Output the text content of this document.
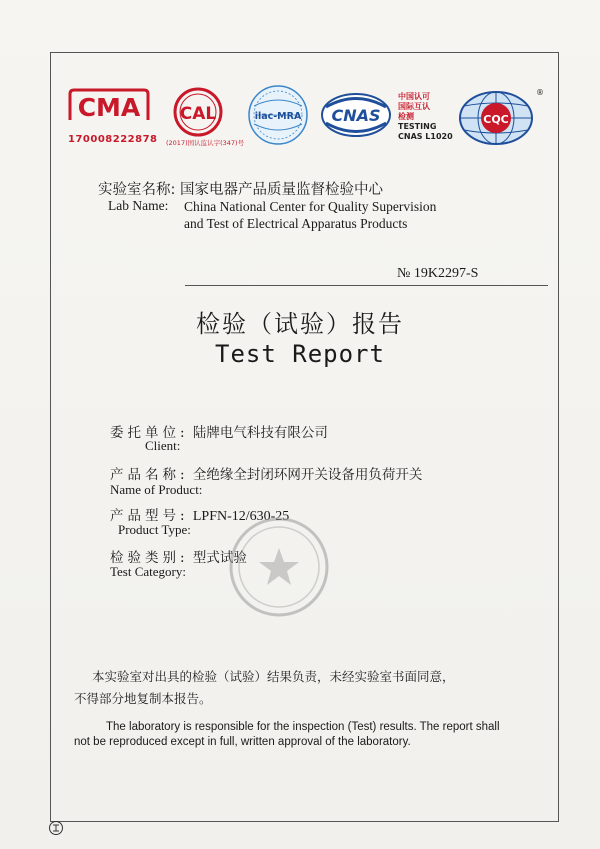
CMA
170008222878
CAL
(2017)国认监认字(347)号
ilac-MRA CNAS
中国认可
国际互认
检测
TESTING
CNAS L1020
CQC
®
实验室名称: 国家电器产品质量监督检验中心
Lab Name:	China National Center for Quality Supervision
and Test of Electrical Apparatus Products
№ 19K2297-S
检验（试验）报告
Test Report
委托单位: 陆牌电气科技有限公司
Client:
产品名称: 全绝缘全封闭环网开关设备用负荷开关
Name of Product:
产品型号: LPFN-12/630-25
Product Type:
检验类别: 型式试验
Test Category:
本实验室对出具的检验（试验）结果负责，未经实验室书面同意，
不得部分地复制本报告。
The laboratory is responsible for the inspection (Test) results. The report shall
not be reproduced except in full, written approval of the laboratory.
